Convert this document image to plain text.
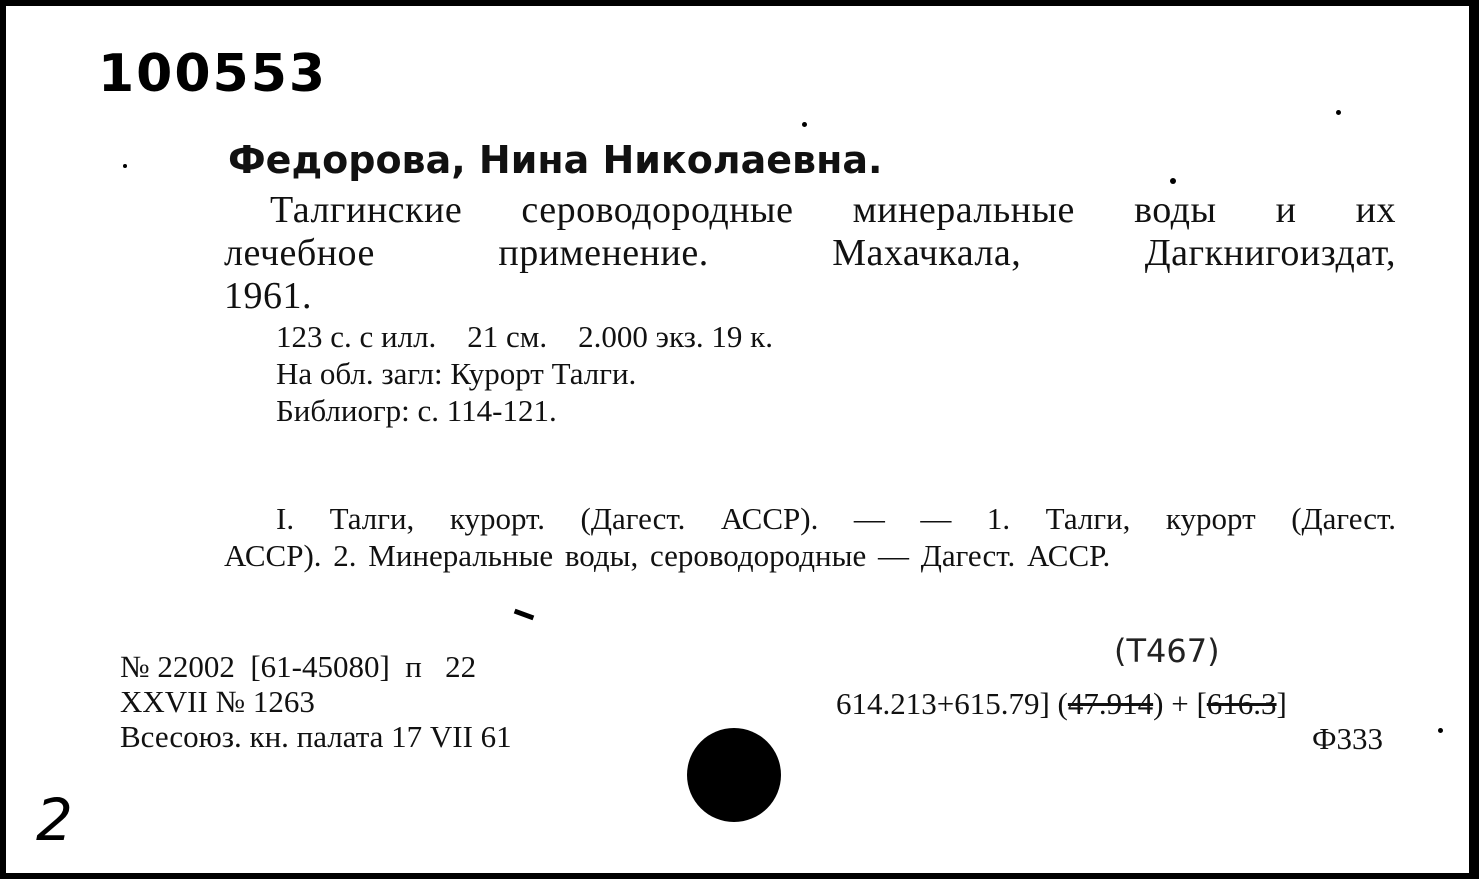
100553
Федорова, Нина Николаевна.
Талгинские сероводородные минеральные воды и их
лечебное применение. Махачкала, Дагкнигоиздат,
1961.
123 с. с илл.    21 см.    2.000 экз. 19 к.
На обл. загл: Курорт Талги.
Библиогр: с. 114-121.
I. Талги, курорт. (Дагест. АССР). — — 1. Талги, курорт (Дагест.
АССР). 2. Минеральные воды, сероводородные — Дагест. АССР.
№ 22002  [61-45080]  п   22
XXVII № 1263
Всесоюз. кн. палата 17 VII 61
(Т467)
614.213+615.79] (47.914) + [616.3]
Ф333
2
